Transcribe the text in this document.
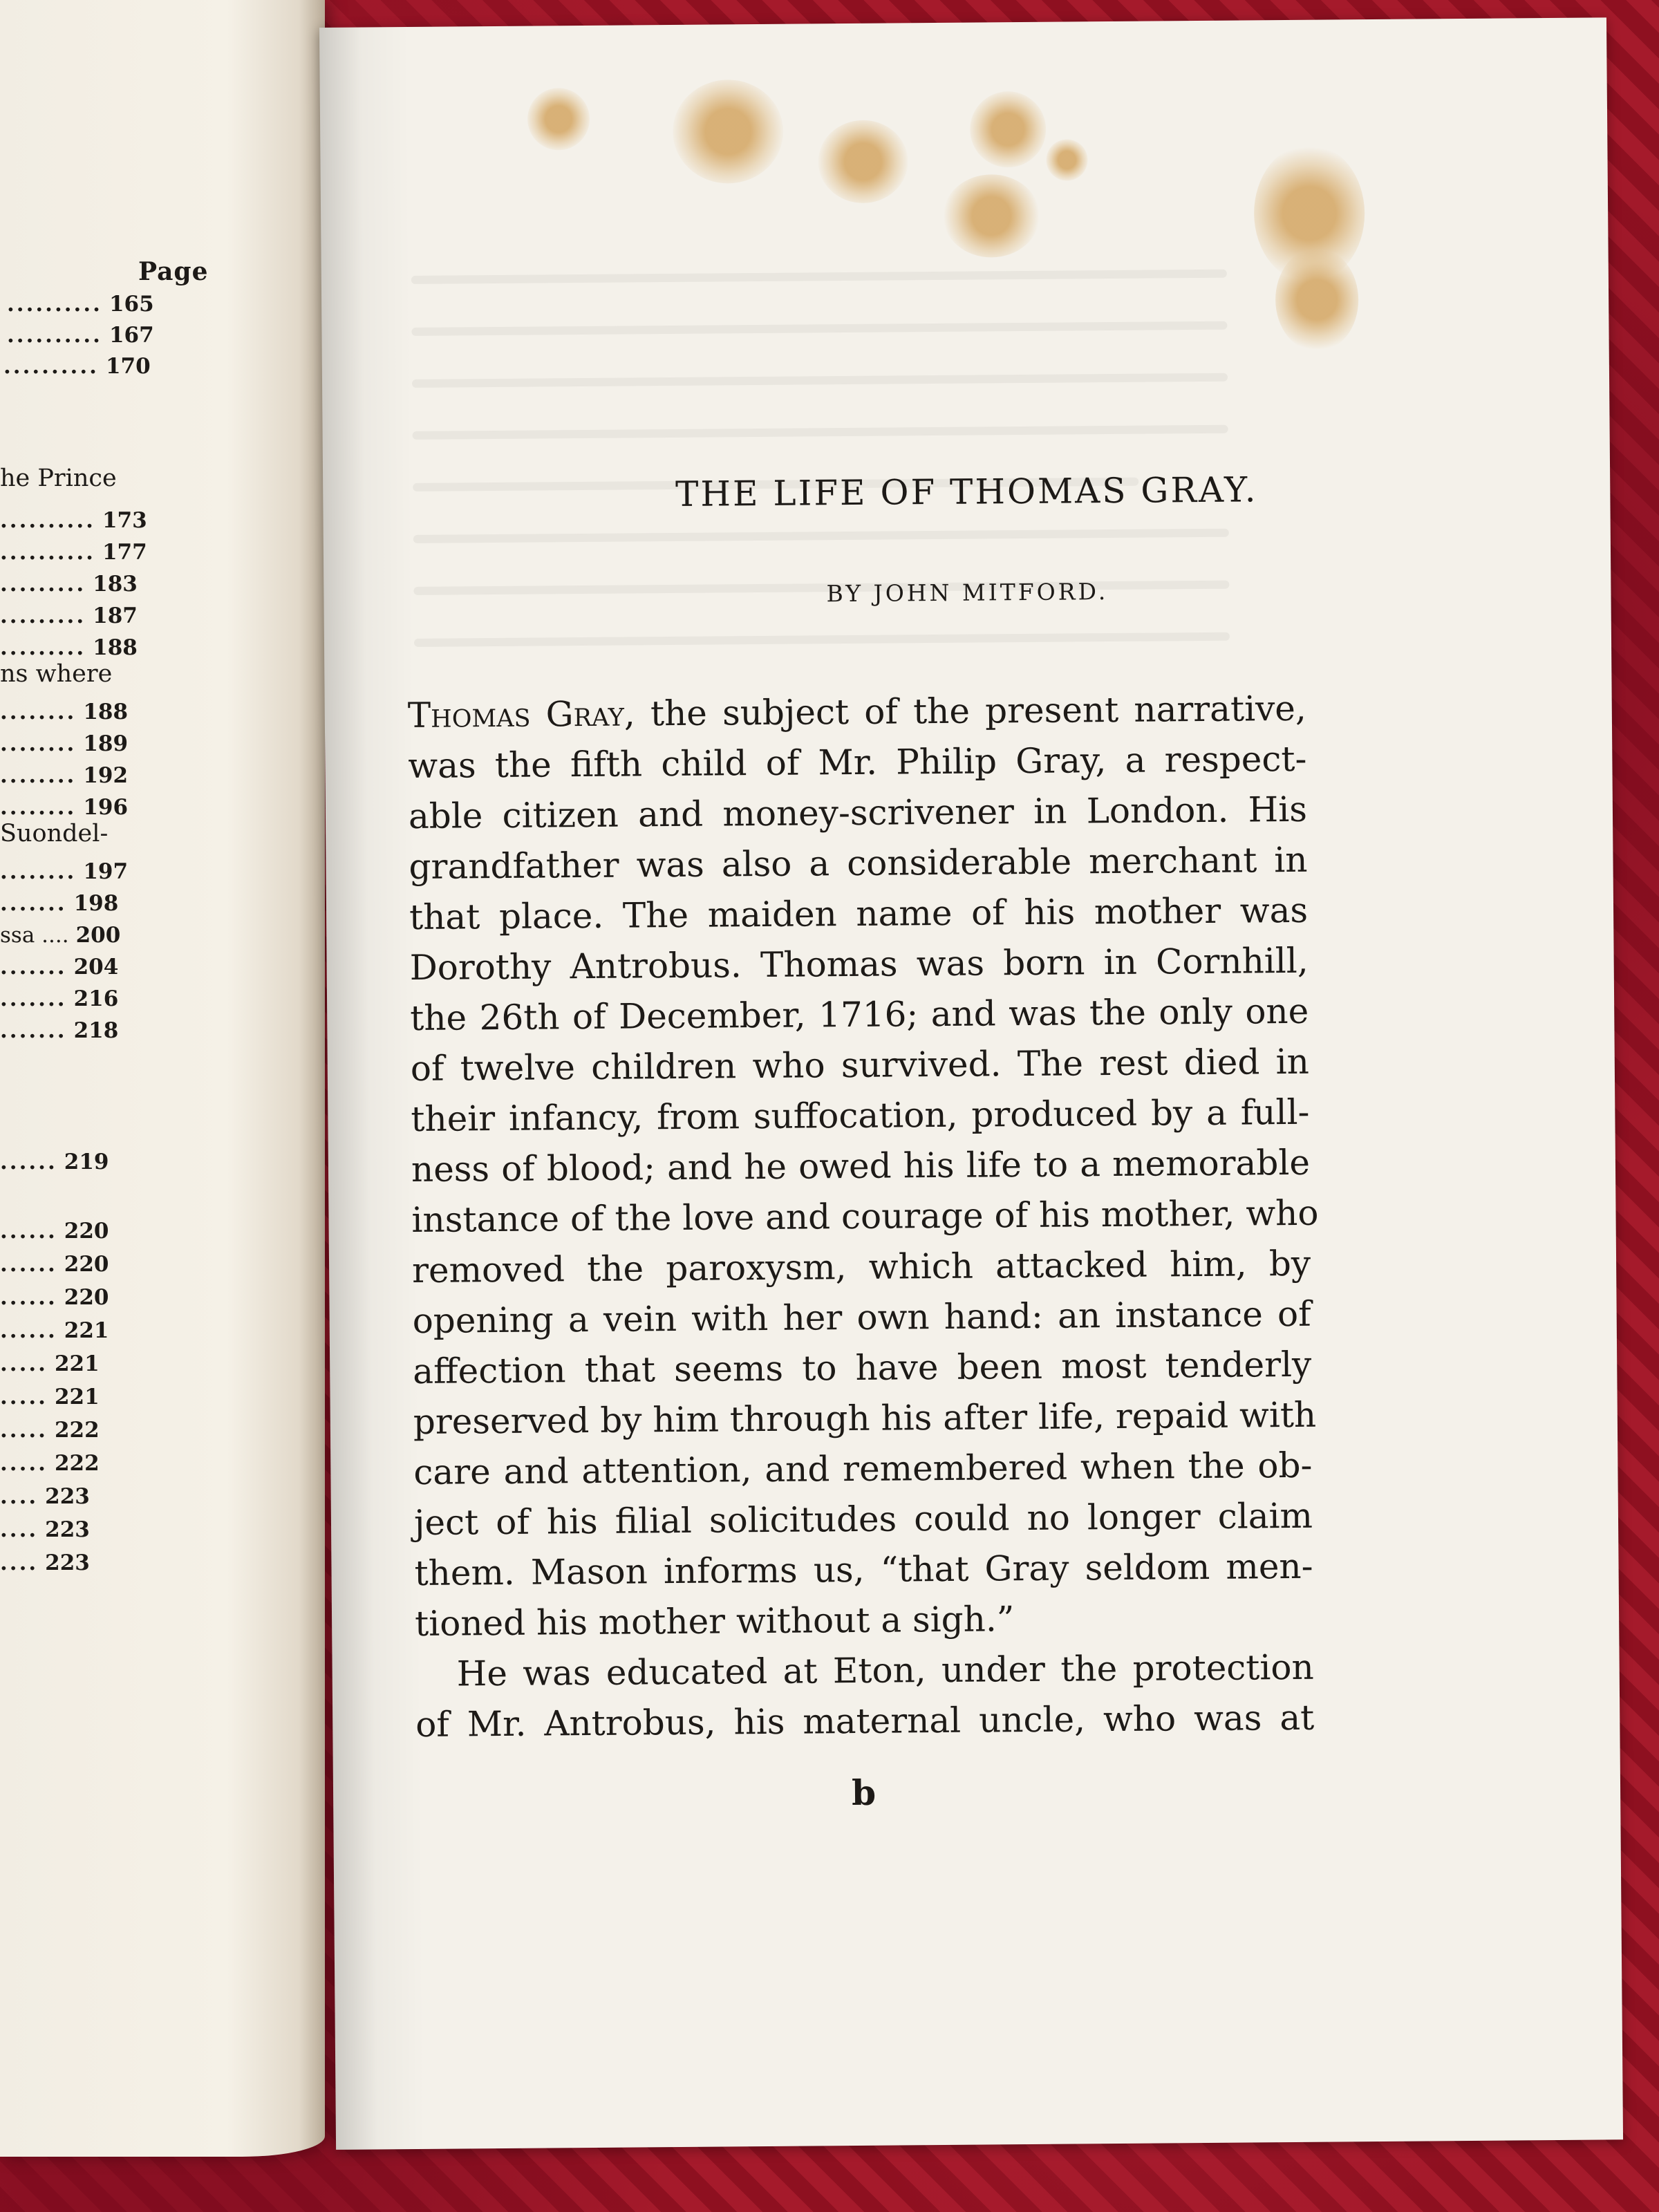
Page
.......... 165
.......... 167
.......... 170
he Prince
.......... 173
.......... 177
......... 183
......... 187
......... 188
ns where
........ 188
........ 189
........ 192
........ 196
Suondel-
........ 197
....... 198
ssa .... 200
....... 204
....... 216
....... 218
...... 219
...... 220
...... 220
...... 220
...... 221
..... 221
..... 221
..... 222
..... 222
.... 223
.... 223
.... 223
THE LIFE OF THOMAS GRAY.
BY JOHN MITFORD.
Thomas Gray, the subject of the present narrative,
was the fifth child of Mr. Philip Gray, a respect-
able citizen and money-scrivener in London. His
grandfather was also a considerable merchant in
that place. The maiden name of his mother was
Dorothy Antrobus. Thomas was born in Cornhill,
the 26th of December, 1716; and was the only one
of twelve children who survived. The rest died in
their infancy, from suffocation, produced by a full-
ness of blood; and he owed his life to a memorable
instance of the love and courage of his mother, who
removed the paroxysm, which attacked him, by
opening a vein with her own hand: an instance of
affection that seems to have been most tenderly
preserved by him through his after life, repaid with
care and attention, and remembered when the ob-
ject of his filial solicitudes could no longer claim
them. Mason informs us, “that Gray seldom men-
tioned his mother without a sigh.”
He was educated at Eton, under the protection
of Mr. Antrobus, his maternal uncle, who was at
b
